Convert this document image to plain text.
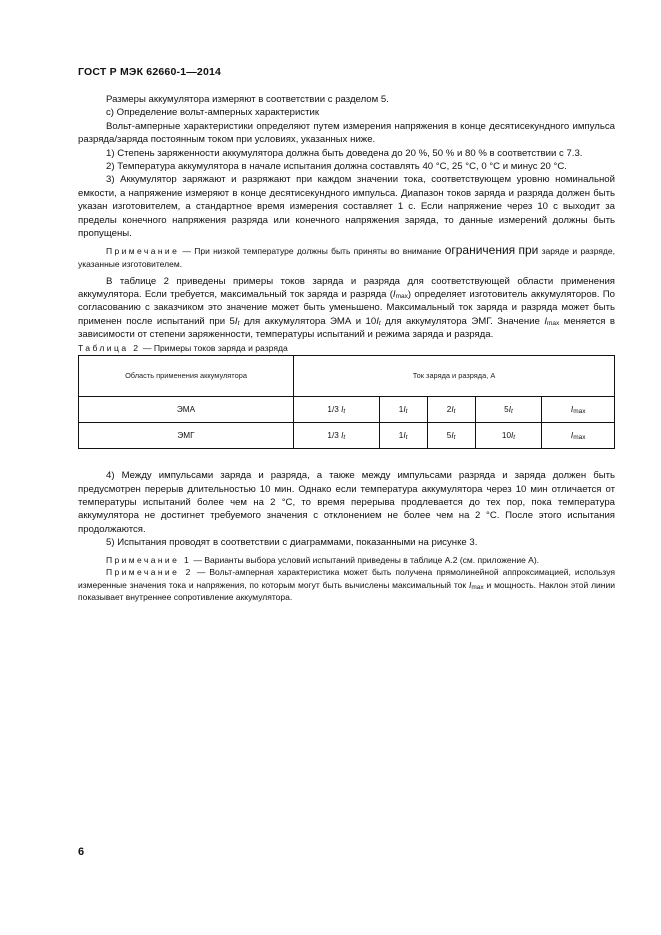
ГОСТ Р МЭК 62660-1—2014

Размеры аккумулятора измеряют в соответствии с разделом 5.

с) Определение вольт-амперных характеристик

Вольт-амперные характеристики определяют путем измерения напряжения в конце десятисекундного импульса разряда/заряда постоянным током при условиях, указанных ниже.

1) Степень заряженности аккумулятора должна быть доведена до 20 %, 50 % и 80 % в соответствии с 7.3.

2) Температура аккумулятора в начале испытания должна составлять 40 °С, 25 °С, 0 °С и минус 20 °С.

3) Аккумулятор заряжают и разряжают при каждом значении тока, соответствующем уровню номинальной емкости, а напряжение измеряют в конце десятисекундного импульса. Диапазон токов заряда и разряда должен быть указан изготовителем, а стандартное время измерения составляет 1 с. Если напряжение через 10 с выходит за пределы конечного напряжения разряда или конечного напряжения заряда, то данные измерений должны быть пропущены.

Примечание — При низкой температуре должны быть приняты во внимание ограничения при заряде и разряде, указанные изготовителем.

В таблице 2 приведены примеры токов заряда и разряда для соответствующей области применения аккумулятора. Если требуется, максимальный ток заряда и разряда $(I_{max})$ определяет изготовитель аккумуляторов. По согласованию с заказчиком это значение может быть уменьшено. Максимальный ток заряда и разряда может быть применен после испытаний при $5I_t$ для аккумулятора ЭМА и $10I_t$ для аккумулятора ЭМГ. Значение $I_{max}$ меняется в зависимости от степени заряженности, температуры испытаний и режима заряда и разряда.

Таблица 2 — Примеры токов заряда и разряда

Область применения аккумулятора	Ток заряда и разряда, А				
ЭМА	1/3 $I_t$	$1I_t$	$2I_t$	$5I_t$	$I_{max}$
ЭМГ	1/3 $I_t$	$1I_t$	$5I_t$	$10I_t$	$I_{max}$

4) Между импульсами заряда и разряда, а также между импульсами разряда и заряда должен быть предусмотрен перерыв длительностью 10 мин. Однако если температура аккумулятора через 10 мин отличается от температуры испытаний более чем на 2 °С, то время перерыва продлевается до тех пор, пока температура аккумулятора не достигнет требуемого значения с отклонением не более чем на 2 °С. После этого испытания продолжаются.

5) Испытания проводят в соответствии с диаграммами, показанными на рисунке 3.

Примечание 1 — Варианты выбора условий испытаний приведены в таблице А.2 (см. приложение А).

Примечание 2 — Вольт-амперная характеристика может быть получена прямолинейной аппроксимацией, используя измеренные значения тока и напряжения, по которым могут быть вычислены максимальный ток $I_{max}$ и мощность. Наклон этой линии показывает внутреннее сопротивление аккумулятора.

6
